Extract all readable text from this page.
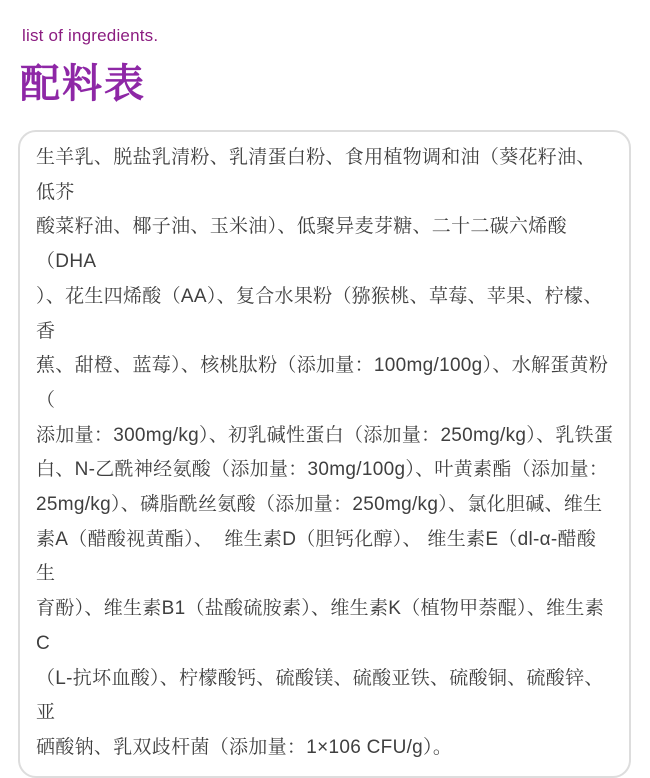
list of ingredients.
配料表
生羊乳、脱盐乳清粉、乳清蛋白粉、食用植物调和油（葵花籽油、低芥
酸菜籽油、椰子油、玉米油）、低聚异麦芽糖、二十二碳六烯酸（DHA
）、花生四烯酸（AA）、复合水果粉（猕猴桃、草莓、苹果、柠檬、香
蕉、甜橙、蓝莓）、核桃肽粉（添加量：100mg/100g）、水解蛋黄粉（
添加量：300mg/kg）、初乳碱性蛋白（添加量：250mg/kg）、乳铁蛋
白、N-乙酰神经氨酸（添加量：30mg/100g）、叶黄素酯（添加量：
25mg/kg）、磷脂酰丝氨酸（添加量：250mg/kg）、氯化胆碱、维生
素A（醋酸视黄酯）、  维生素D（胆钙化醇）、 维生素E（dl-α-醋酸生
育酚）、维生素B1（盐酸硫胺素）、维生素K（植物甲萘醌）、维生素C
（L-抗坏血酸）、柠檬酸钙、硫酸镁、硫酸亚铁、硫酸铜、硫酸锌、亚
硒酸钠、乳双歧杆菌（添加量：1×106 CFU/g）。
